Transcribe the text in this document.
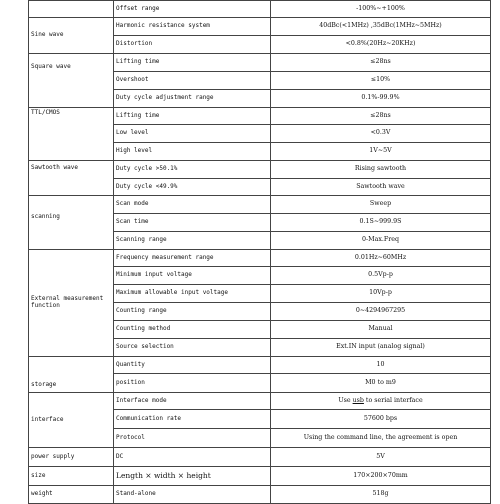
	Offset range	-100%~+100%
Sine wave	Harmonic resistance system	40dBc(<1MHz) ,35dBc(1MHz~5MHz)
	Distortion	<0.8%(20Hz~20KHz)
Square wave	Lifting time	≤28ns
	Overshoot	≤10%
	Duty cycle adjustment range	0.1%-99.9%
TTL/CMOS	Lifting time	≤28ns
	Low level	<0.3V
	High level	1V~5V
Sawtooth wave	Duty cycle >50.1%	Rising sawtooth
	Duty cycle <49.9%	Sawtooth wave
scanning	Scan mode	Sweep
	Scan time	0.1S~999.9S
	Scanning range	0-Max.Freq
External measurement function	Frequency measurement range	0.01Hz~60MHz
	Minimum input voltage	0.5Vp-p
	Maximum allowable input voltage	10Vp-p
	Counting range	0~4294967295
	Counting method	Manual
	Source selection	Ext.IN input (analog signal)
storage	Quantity	10
	position	M0 to m9
interface	Interface mode	Use usb to serial interface
	Communication rate	57600 bps
	Protocol	Using the command line, the agreement is open
power supply	DC	5V
size	Length × width × height	170×200×70mm
weight	Stand-alone	518g
